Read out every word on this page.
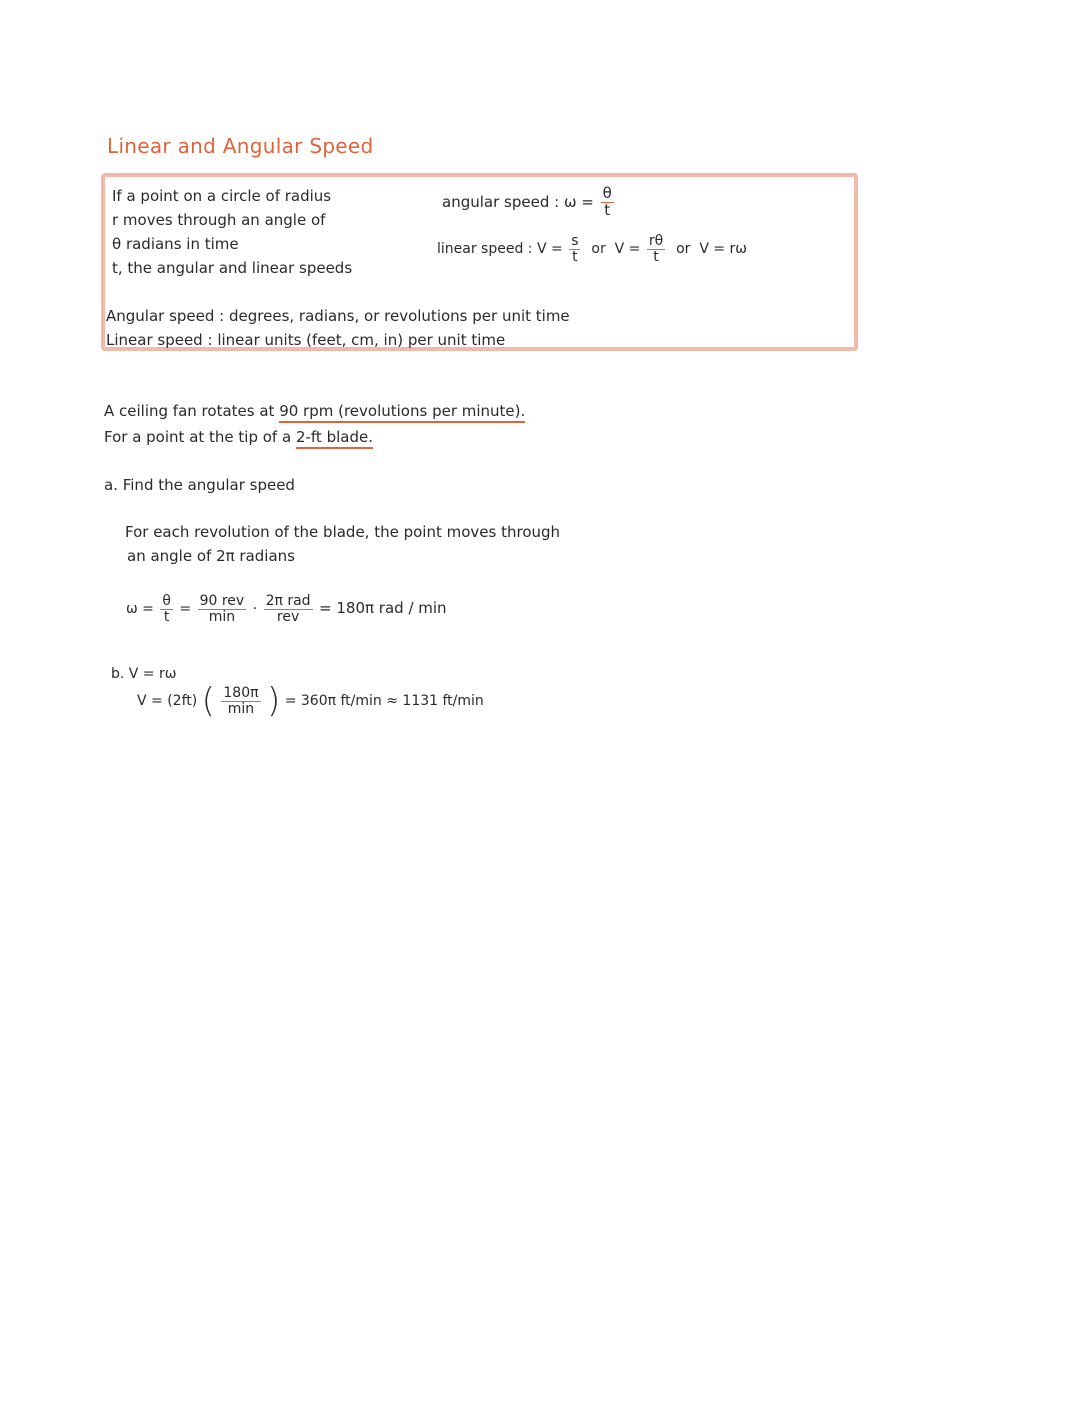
Linear and Angular Speed
If a point on a circle of radius
r moves through an angle of
θ radians in time
t, the angular and linear speeds
angular speed : $\omega = \frac{\theta}{t}$
linear speed : $V = \frac{s}{t}$ or $V = \frac{r\theta}{t}$ or V = rω
Angular speed : degrees, radians, or revolutions per unit time
Linear speed : linear units (feet, cm, in) per unit time
A ceiling fan rotates at 90 rpm (revolutions per minute).
For a point at the tip of a 2-ft blade.
a. Find the angular speed
For each revolution of the blade, the point moves through
an angle of 2π radians
$\omega = \frac{\theta}{t} = \frac{\text{90 rev}}{\min} \cdot \frac{\text{2π rad}}{\text{rev}} = 180\pi$ rad / min
b. V = rω
V = (2ft) ( $\frac{180\pi}{\min}$ ) = 360π ft/min ≈ 1131 ft/min
